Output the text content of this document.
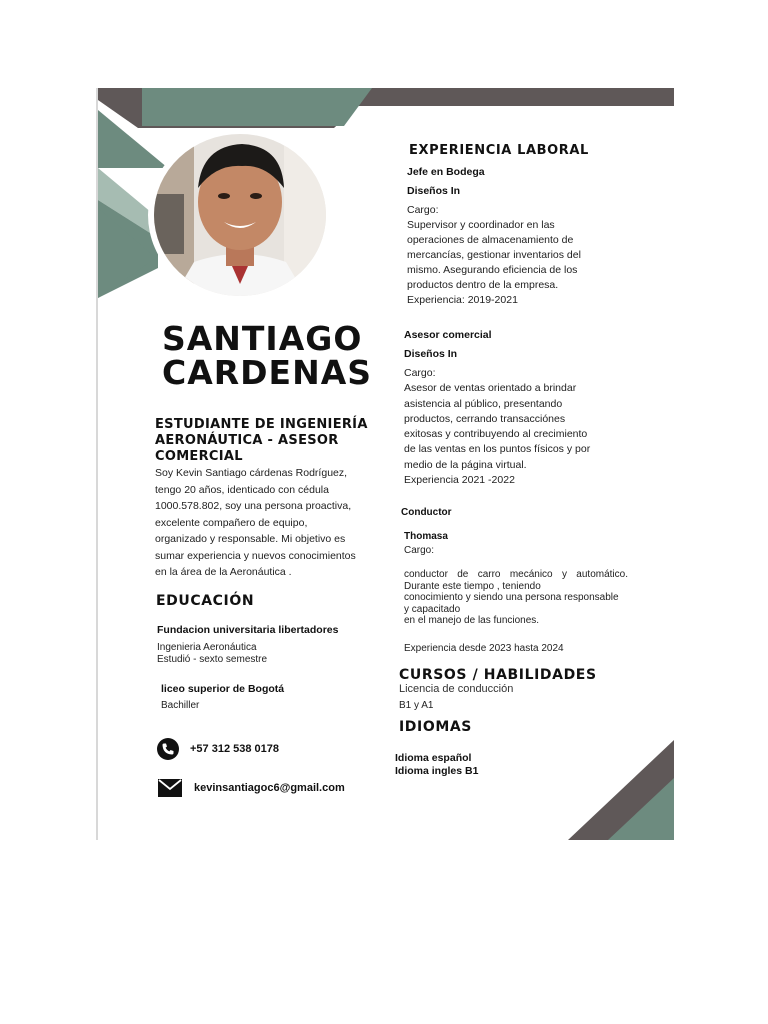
SANTIAGO
CARDENAS
ESTUDIANTE DE INGENIERÍA
AERONÁUTICA - ASESOR
COMERCIAL
Soy Kevin Santiago cárdenas Rodríguez,
tengo 20 años, identicado con cédula
1000.578.802, soy una persona proactiva,
excelente compañero de equipo,
organizado y responsable. Mi objetivo es
sumar experiencia y nuevos conocimientos
en la área de la Aeronáutica .
EDUCACIÓN
Fundacion universitaria libertadores
Ingenieria Aeronáutica
Estudió - sexto semestre
liceo superior de Bogotá
Bachiller
+57 312 538 0178
kevinsantiagoc6@gmail.com
EXPERIENCIA LABORAL
Jefe en Bodega
Diseños In
Cargo:
Supervisor y coordinador en las
operaciones de almacenamiento de
mercancías, gestionar inventarios del
mismo. Asegurando eficiencia de los
productos dentro de la empresa.
Experiencia: 2019-2021
Asesor comercial
Diseños In
Cargo:
Asesor de ventas orientado a brindar
asistencia al público, presentando
productos, cerrando transacciónes
exitosas y contribuyendo al crecimiento
de las ventas en los puntos físicos y por
medio de la página virtual.
Experiencia 2021 -2022
Conductor
Thomasa
Cargo:
conductor de carro mecánico y automático.
Durante este tiempo , teniendo
conocimiento y siendo una persona responsable
y capacitado
en el manejo de las funciones.
Experiencia desde 2023 hasta 2024
CURSOS / HABILIDADES
Licencia de conducción
B1 y A1
IDIOMAS
Idioma español
Idioma ingles B1
